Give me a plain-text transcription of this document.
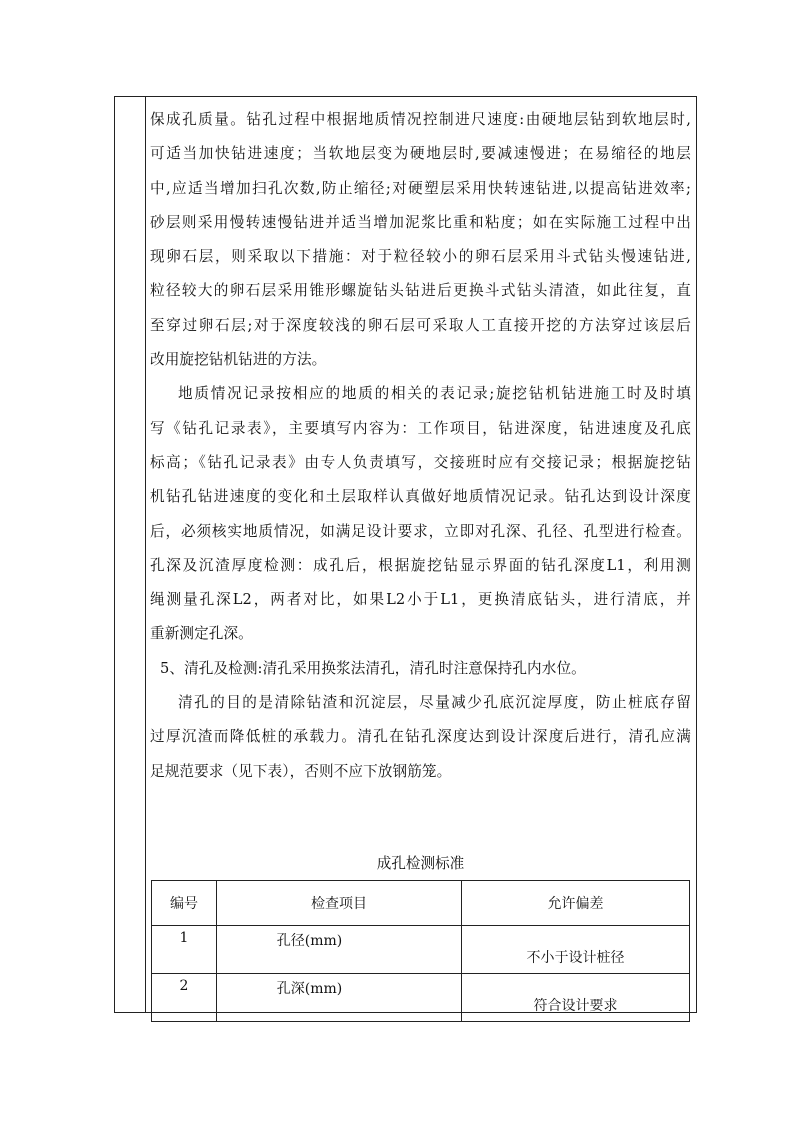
保成孔质量。钻孔过程中根据地质情况控制进尺速度:由硬地层钻到软地层时,
可适当加快钻进速度；当软地层变为硬地层时,要减速慢进；在易缩径的地层
中,应适当增加扫孔次数,防止缩径;对硬塑层采用快转速钻进,以提高钻进效率;
砂层则采用慢转速慢钻进并适当增加泥浆比重和粘度；如在实际施工过程中出
现卵石层，则采取以下措施：对于粒径较小的卵石层采用斗式钻头慢速钻进,
粒径较大的卵石层采用锥形螺旋钻头钻进后更换斗式钻头清渣，如此往复，直
至穿过卵石层;对于深度较浅的卵石层可采取人工直接开挖的方法穿过该层后
改用旋挖钻机钻进的方法。

地质情况记录按相应的地质的相关的表记录;旋挖钻机钻进施工时及时填
写《钻孔记录表》，主要填写内容为：工作项目，钻进深度，钻进速度及孔底
标高；《钻孔记录表》由专人负责填写，交接班时应有交接记录；根据旋挖钻
机钻孔钻进速度的变化和土层取样认真做好地质情况记录。钻孔达到设计深度
后，必须核实地质情况，如满足设计要求，立即对孔深、孔径、孔型进行检查。
孔深及沉渣厚度检测：成孔后，根据旋挖钻显示界面的钻孔深度L1，利用测
绳测量孔深L2，两者对比，如果L2小于L1，更换清底钻头，进行清底，并
重新测定孔深。

5、清孔及检测:清孔采用换浆法清孔，清孔时注意保持孔内水位。

清孔的目的是清除钻渣和沉淀层，尽量减少孔底沉淀厚度，防止桩底存留
过厚沉渣而降低桩的承载力。清孔在钻孔深度达到设计深度后进行，清孔应满
足规范要求（见下表），否则不应下放钢筋笼。

成孔检测标准
编号	检查项目	允许偏差
1	孔径(mm)	不小于设计桩径
2	孔深(mm)	符合设计要求
